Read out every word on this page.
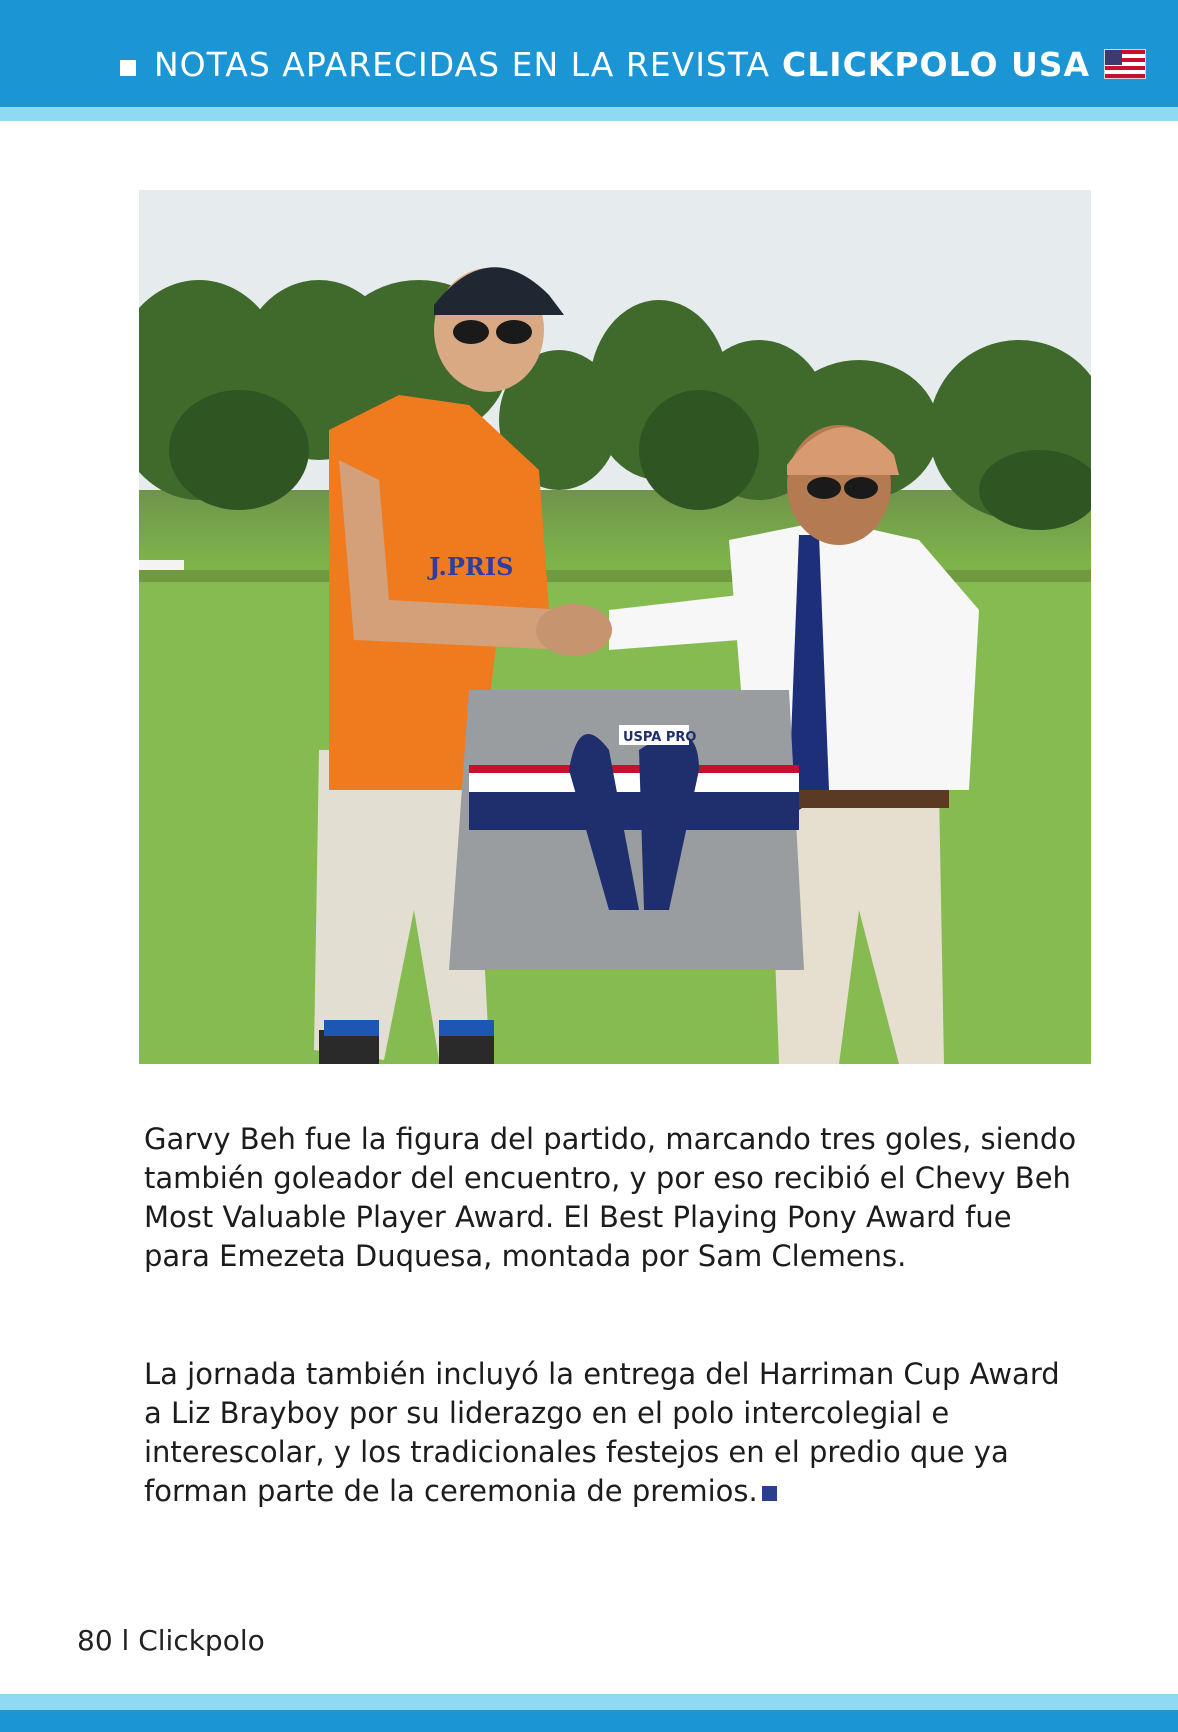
NOTAS APARECIDAS EN LA REVISTA CLICKPOLO USA
J.PRIS
USPA PRO

Garvy Beh fue la figura del partido, marcando tres goles, siendo también goleador del encuentro, y por eso recibió el Chevy Beh Most Valuable Player Award. El Best Playing Pony Award fue para Emezeta Duquesa, montada por Sam Clemens.

La jornada también incluyó la entrega del Harriman Cup Award a Liz Brayboy por su liderazgo en el polo intercolegial e interescolar, y los tradicionales festejos en el predio que ya forman parte de la ceremonia de premios.

80 l Clickpolo
